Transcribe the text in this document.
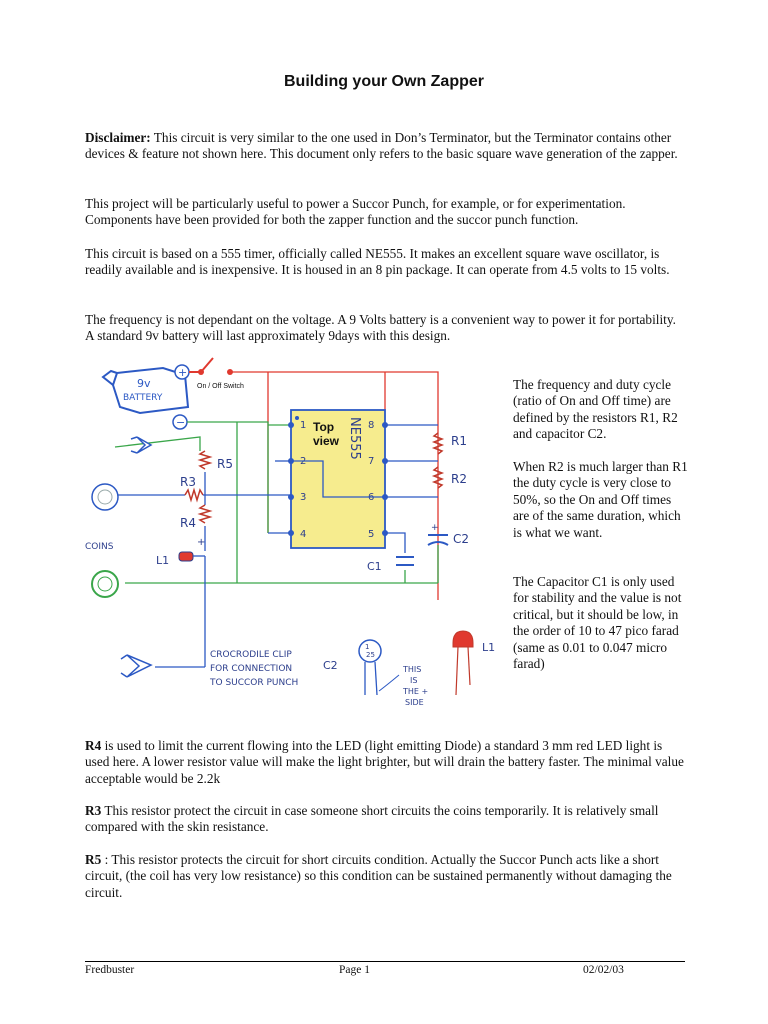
Building your Own Zapper

Disclaimer: This circuit is very similar to the one used in Don’s Terminator, but the Terminator contains other devices & feature not shown here. This document only refers to the basic square wave generation of the zapper.

This project will be particularly useful to power a Succor Punch, for example, or for experimentation. Components have been provided for both the zapper function and the succor punch function.

This circuit is based on a 555 timer, officially called NE555. It makes an excellent square wave oscillator, is readily available and is inexpensive. It is housed in an 8 pin package. It can operate from 4.5 volts to 15 volts.

The frequency is not dependant on the voltage. A 9 Volts battery is a convenient way to power it for portability. A standard 9v battery will last approximately 9days with this design.

9v
BATTERY
+
−
On / Off Switch
R5
R3
R4
+
L1
COINS
Top
view NE555
1
2
3
4	5
6
7
8
R1
R2
+
C2
C1
CROCRODILE CLIP
FOR CONNECTION
TO SUCCOR PUNCH
C2
1
25
THIS
IS
THE +
SIDE
L1

The frequency and duty cycle (ratio of On and Off time) are defined by the resistors R1, R2 and capacitor C2.

When R2 is much larger than R1 the duty cycle is very close to 50%, so the On and Off times are of the same duration, which is what we want.

The Capacitor C1 is only used for stability and the value is not critical, but it should be low, in the order of 10 to 47 pico farad (same as 0.01 to 0.047 micro farad)

R4 is used to limit the current flowing into the LED (light emitting Diode) a standard 3 mm red LED light is used here. A lower resistor value will make the light brighter, but will drain the battery faster. The minimal value acceptable would be 2.2k

R3 This resistor protect the circuit in case someone short circuits the coins temporarily. It is relatively small compared with the skin resistance.

R5 : This resistor protects the circuit for short circuits condition. Actually the Succor Punch acts like a short circuit, (the coil has very low resistance) so this condition can be sustained permanently without damaging the circuit.

Fredbuster	Page 1	02/02/03
